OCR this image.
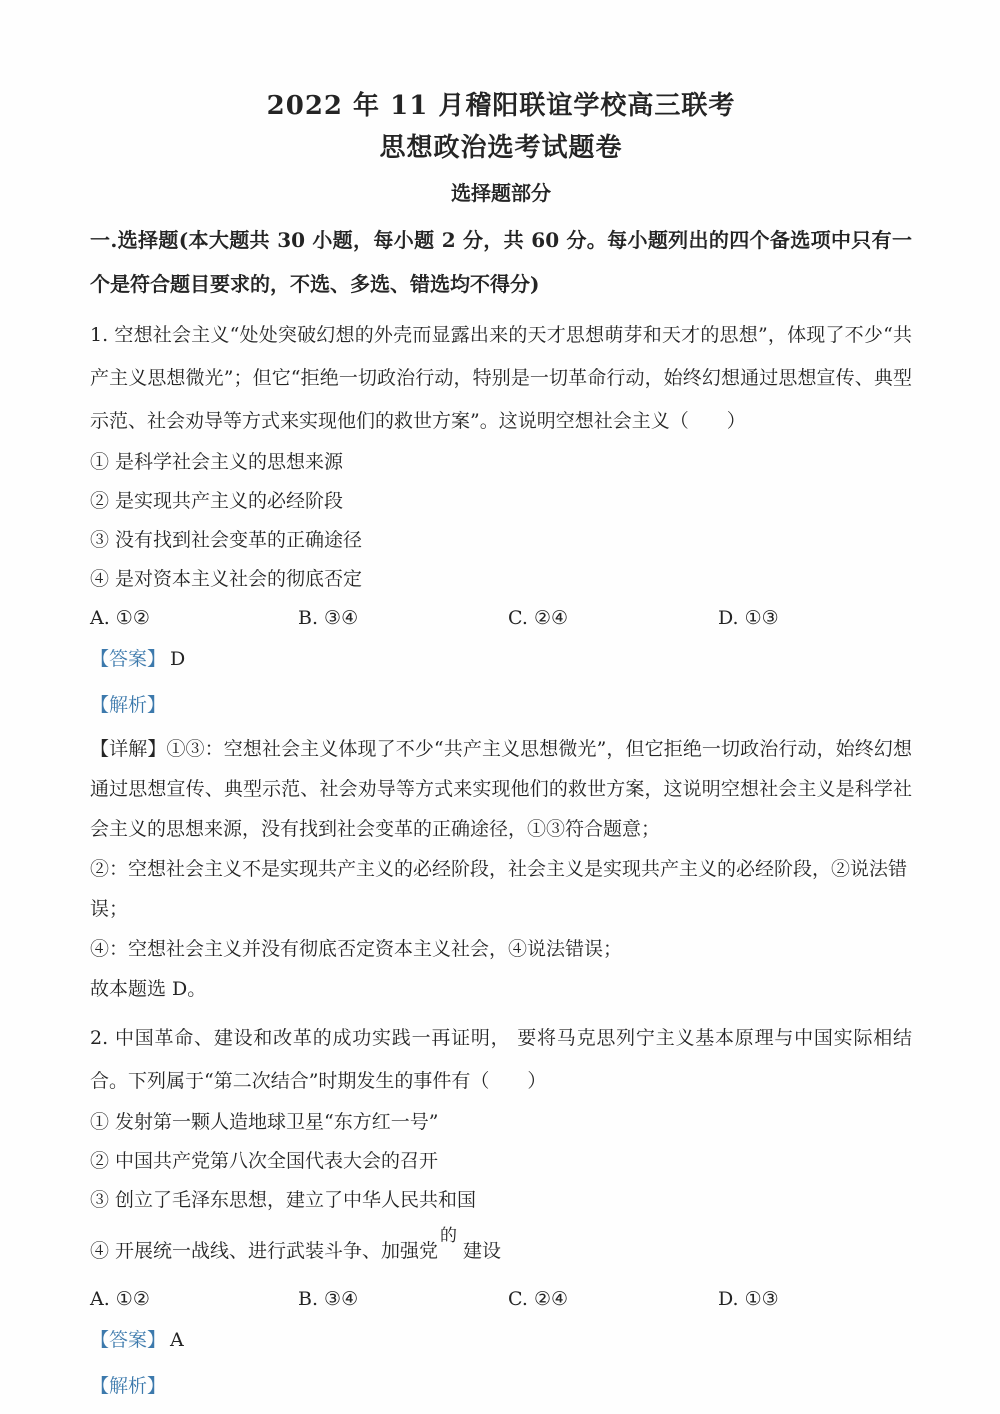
2022 年 11 月稽阳联谊学校高三联考
思想政治选考试题卷
选择题部分

一.选择题(本大题共 30 小题，每小题 2 分，共 60 分。每小题列出的四个备选项中只有一个是符合题目要求的，不选、多选、错选均不得分)

1. 空想社会主义“处处突破幻想的外壳而显露出来的天才思想萌芽和天才的思想”，体现了不少“共产主义思想微光”；但它“拒绝一切政治行动，特别是一切革命行动，始终幻想通过思想宣传、典型示范、社会劝导等方式来实现他们的救世方案”。这说明空想社会主义（　　）

① 是科学社会主义的思想来源

② 是实现共产主义的必经阶段

③ 没有找到社会变革的正确途径

④ 是对资本主义社会的彻底否定

A. ①②	B. ③④	C. ②④	D. ①③

【答案】 D

【解析】

【详解】①③：空想社会主义体现了不少“共产主义思想微光”，但它拒绝一切政治行动，始终幻想通过思想宣传、典型示范、社会劝导等方式来实现他们的救世方案，这说明空想社会主义是科学社会主义的思想来源，没有找到社会变革的正确途径，①③符合题意；

②：空想社会主义不是实现共产主义的必经阶段，社会主义是实现共产主义的必经阶段，②说法错误；

④：空想社会主义并没有彻底否定资本主义社会，④说法错误；

故本题选 D。

2. 中国革命、建设和改革的成功实践一再证明， 要将马克思列宁主义基本原理与中国实际相结合。下列属于“第二次结合”时期发生的事件有（　　）

① 发射第一颗人造地球卫星“东方红一号”

② 中国共产党第八次全国代表大会的召开

③ 创立了毛泽东思想，建立了中华人民共和国

④ 开展统一战线、进行武装斗争、加强党的建设

A. ①②	B. ③④	C. ②④	D. ①③

【答案】 A

【解析】
